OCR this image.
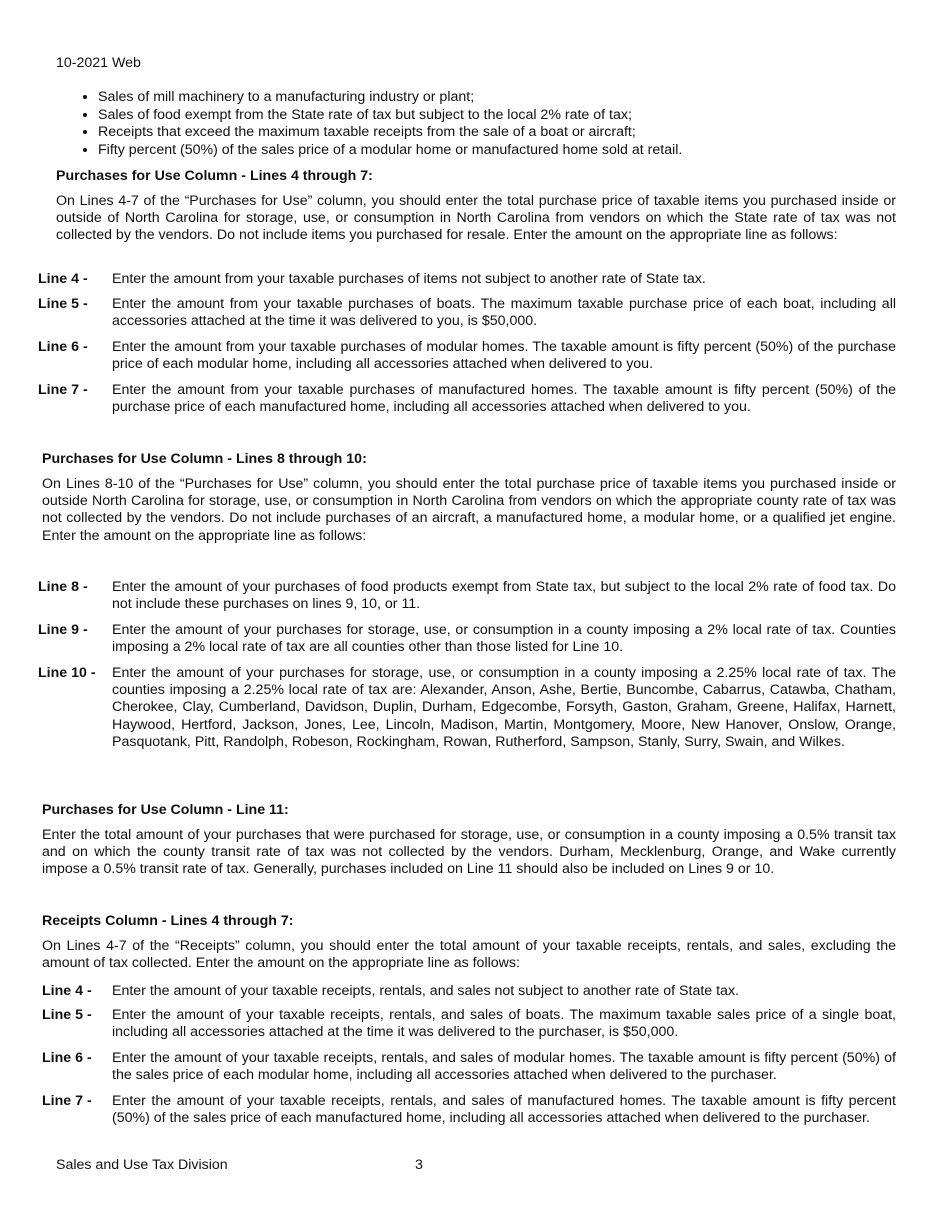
10-2021 Web
• Sales of mill machinery to a manufacturing industry or plant;
• Sales of food exempt from the State rate of tax but subject to the local 2% rate of tax;
• Receipts that exceed the maximum taxable receipts from the sale of a boat or aircraft;
• Fifty percent (50%) of the sales price of a modular home or manufactured home sold at retail.
Purchases for Use Column - Lines 4 through 7:
On Lines 4-7 of the “Purchases for Use” column, you should enter the total purchase price of taxable items you purchased inside or outside of North Carolina for storage, use, or consumption in North Carolina from vendors on which the State rate of tax was not collected by the vendors. Do not include items you purchased for resale. Enter the amount on the appropriate line as follows:
Line 4 - Enter the amount from your taxable purchases of items not subject to another rate of State tax.
Line 5 - Enter the amount from your taxable purchases of boats. The maximum taxable purchase price of each boat, including all accessories attached at the time it was delivered to you, is $50,000.
Line 6 - Enter the amount from your taxable purchases of modular homes. The taxable amount is fifty percent (50%) of the purchase price of each modular home, including all accessories attached when delivered to you.
Line 7 - Enter the amount from your taxable purchases of manufactured homes. The taxable amount is fifty percent (50%) of the purchase price of each manufactured home, including all accessories attached when delivered to you.
Purchases for Use Column - Lines 8 through 10:
On Lines 8-10 of the “Purchases for Use” column, you should enter the total purchase price of taxable items you purchased inside or outside North Carolina for storage, use, or consumption in North Carolina from vendors on which the appropriate county rate of tax was not collected by the vendors. Do not include purchases of an aircraft, a manufactured home, a modular home, or a qualified jet engine. Enter the amount on the appropriate line as follows:
Line 8 - Enter the amount of your purchases of food products exempt from State tax, but subject to the local 2% rate of food tax. Do not include these purchases on lines 9, 10, or 11.
Line 9 - Enter the amount of your purchases for storage, use, or consumption in a county imposing a 2% local rate of tax. Counties imposing a 2% local rate of tax are all counties other than those listed for Line 10.
Line 10 - Enter the amount of your purchases for storage, use, or consumption in a county imposing a 2.25% local rate of tax. The counties imposing a 2.25% local rate of tax are: Alexander, Anson, Ashe, Bertie, Buncombe, Cabarrus, Catawba, Chatham, Cherokee, Clay, Cumberland, Davidson, Duplin, Durham, Edgecombe, Forsyth, Gaston, Graham, Greene, Halifax, Harnett, Haywood, Hertford, Jackson, Jones, Lee, Lincoln, Madison, Martin, Montgomery, Moore, New Hanover, Onslow, Orange, Pasquotank, Pitt, Randolph, Robeson, Rockingham, Rowan, Rutherford, Sampson, Stanly, Surry, Swain, and Wilkes.
Purchases for Use Column - Line 11:
Enter the total amount of your purchases that were purchased for storage, use, or consumption in a county imposing a 0.5% transit tax and on which the county transit rate of tax was not collected by the vendors. Durham, Mecklenburg, Orange, and Wake currently impose a 0.5% transit rate of tax. Generally, purchases included on Line 11 should also be included on Lines 9 or 10.
Receipts Column - Lines 4 through 7:
On Lines 4-7 of the “Receipts” column, you should enter the total amount of your taxable receipts, rentals, and sales, excluding the amount of tax collected. Enter the amount on the appropriate line as follows:
Line 4 - Enter the amount of your taxable receipts, rentals, and sales not subject to another rate of State tax.
Line 5 - Enter the amount of your taxable receipts, rentals, and sales of boats. The maximum taxable sales price of a single boat, including all accessories attached at the time it was delivered to the purchaser, is $50,000.
Line 6 - Enter the amount of your taxable receipts, rentals, and sales of modular homes. The taxable amount is fifty percent (50%) of the sales price of each modular home, including all accessories attached when delivered to the purchaser.
Line 7 - Enter the amount of your taxable receipts, rentals, and sales of manufactured homes. The taxable amount is fifty percent (50%) of the sales price of each manufactured home, including all accessories attached when delivered to the purchaser.
Sales and Use Tax Division	3
